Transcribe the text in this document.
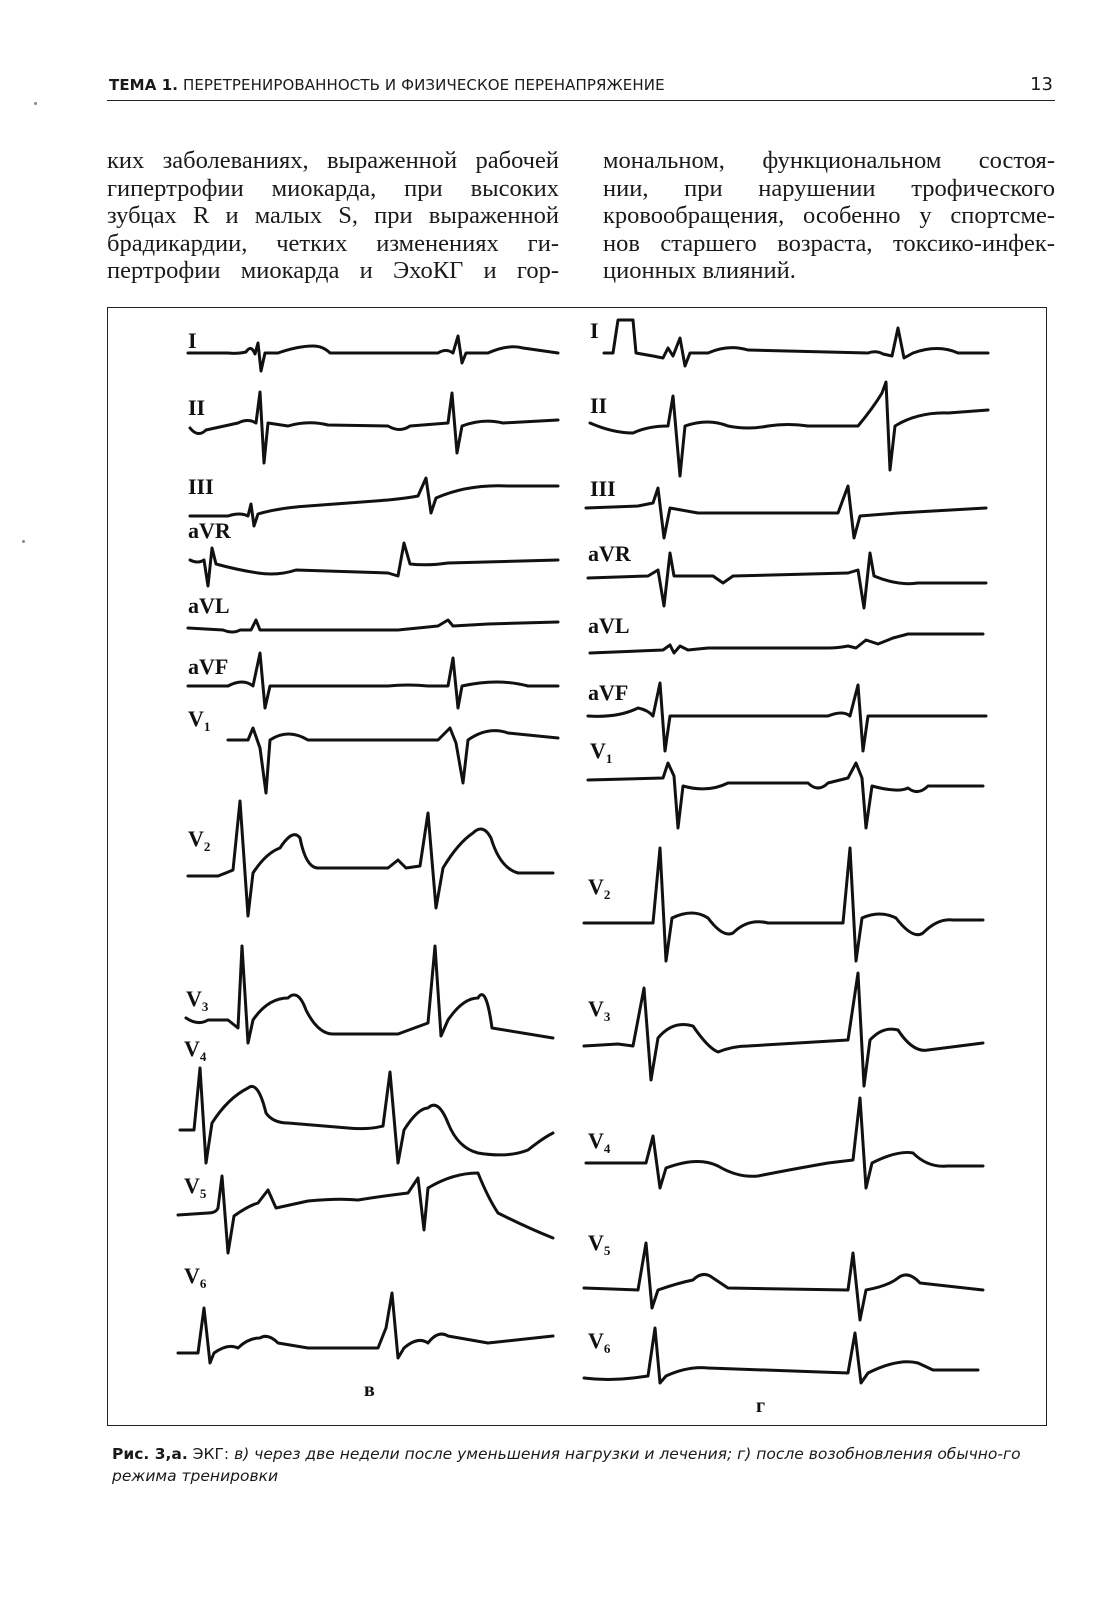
ТЕМА 1. ПЕРЕТРЕНИРОВАННОСТЬ И ФИЗИЧЕСКОЕ ПЕРЕНАПРЯЖЕНИЕ	13
ких заболеваниях, выраженной рабочей
гипертрофии миокарда, при высоких
зубцах R и малых S, при выраженной
брадикардии, четких изменениях ги-
пертрофии миокарда и ЭхоКГ и гор-
мональном, функциональном состоя-
нии, при нарушении трофического
кровообращения, особенно у спортсме-
нов старшего возраста, токсико-инфек-
ционных влияний.
I
II
III
aVR
aVL
aVF
$V_1$
$V_2$
$V_3$
$V_4$
$V_5$
$V_6$
I
II
III
aVR
aVL
aVF
$V_1$
$V_2$
$V_3$
$V_4$
$V_5$
$V_6$
в
г
Рис. 3,а. ЭКГ: в) через две недели после уменьшения нагрузки и лечения; г) после возобновления обычно-го режима тренировки
